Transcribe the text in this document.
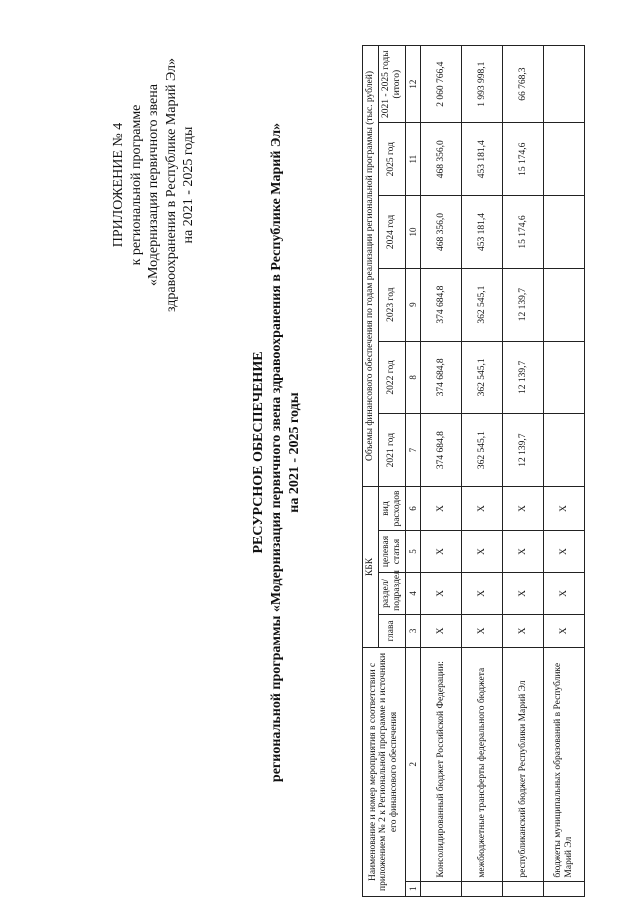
ПРИЛОЖЕНИЕ № 4 к региональной программе «Модернизация первичного звена здравоохранения в Республике Марий Эл» на 2021 - 2025 годы
РЕСУРСНОЕ ОБЕСПЕЧЕНИЕ региональной программы «Модернизация первичного звена здравоохранения в Республике Марий Эл» на 2021 - 2025 годы
Наименование и номер мероприятия в соответствии с приложением № 2 к Региональной программе и источники его финансового обеспечения		КБК				Объемы финансового обеспечения по годам реализации региональной программы (тыс. рублей)					
		глава	раздел/ подраздел	целевая статья	вид расходов	2021 год	2022 год	2023 год	2024 год	2025 год	2021 - 2025 годы (итого)
1	2	3	4	5	6	7	8	9	10	11	12
	Консолидированный бюджет Российской Федерации:	Х	Х	Х	Х	374 684,8	374 684,8	374 684,8	468 356,0	468 356,0	2 060 766,4
	межбюджетные трансферты федерального бюджета	Х	Х	Х	Х	362 545,1	362 545,1	362 545,1	453 181,4	453 181,4	1 993 998,1
	республиканский бюджет Республики Марий Эл	Х	Х	Х	Х	12 139,7	12 139,7	12 139,7	15 174,6	15 174,6	66 768,3
	бюджеты муниципальных образований в Республике Марий Эл	Х	Х	Х	Х						
